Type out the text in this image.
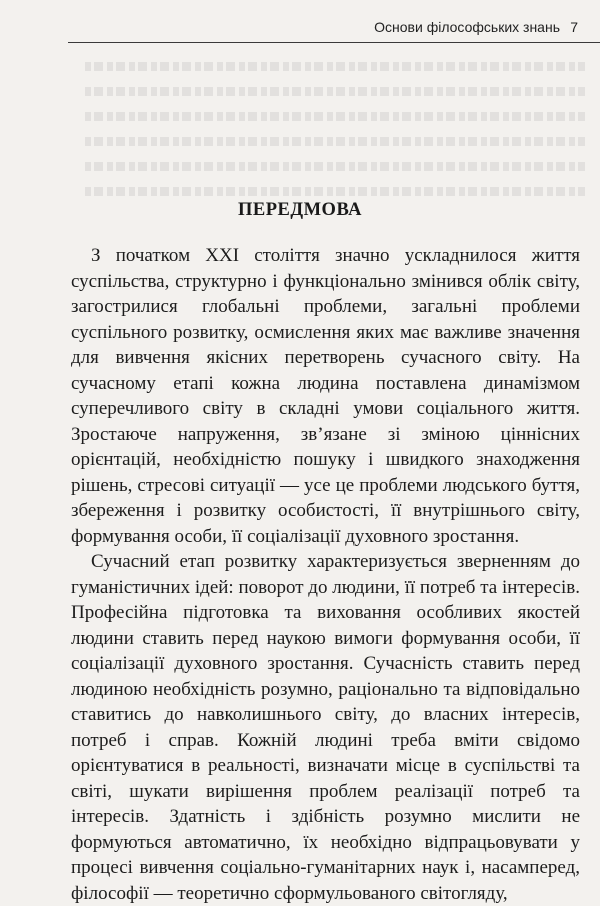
Основи філософських знань 7
ПЕРЕДМОВА

З початком XXI століття значно ускладнилося життя суспільства, структурно і функціонально змінився облік світу, загострилися глобальні проблеми, загальні проблеми суспільного розвитку, осмислення яких має важливе значення для вивчення якісних перетворень сучасного світу. На сучасному етапі кожна людина поставлена динамізмом суперечливого світу в складні умови соціального життя. Зростаюче напруження, зв’язане зі зміною ціннісних орієнтацій, необхідністю пошуку і швидкого знаходження рішень, стресові ситуації — усе це проблеми людського буття, збереження і розвитку особистості, її внутрішнього світу, формування особи, її соціалізації духовного зростання.

Сучасний етап розвитку характеризується зверненням до гуманістичних ідей: поворот до людини, її потреб та інтересів. Професійна підготовка та виховання особливих якостей людини ставить перед наукою вимоги формування особи, її соціалізації духовного зростання. Сучасність ставить перед людиною необхідність розумно, раціонально та відповідально ставитись до навколишнього світу, до власних інтересів, потреб і справ. Кожній людині треба вміти свідомо орієнтуватися в реальності, визначати місце в суспільстві та світі, шукати вирішення проблем реалізації потреб та інтересів. Здатність і здібність розумно мислити не формуються автоматично, їх необхідно відпрацьовувати у процесі вивчення соціально-гуманітарних наук і, насамперед, філософії — теоретично сформульованого світогляду,
